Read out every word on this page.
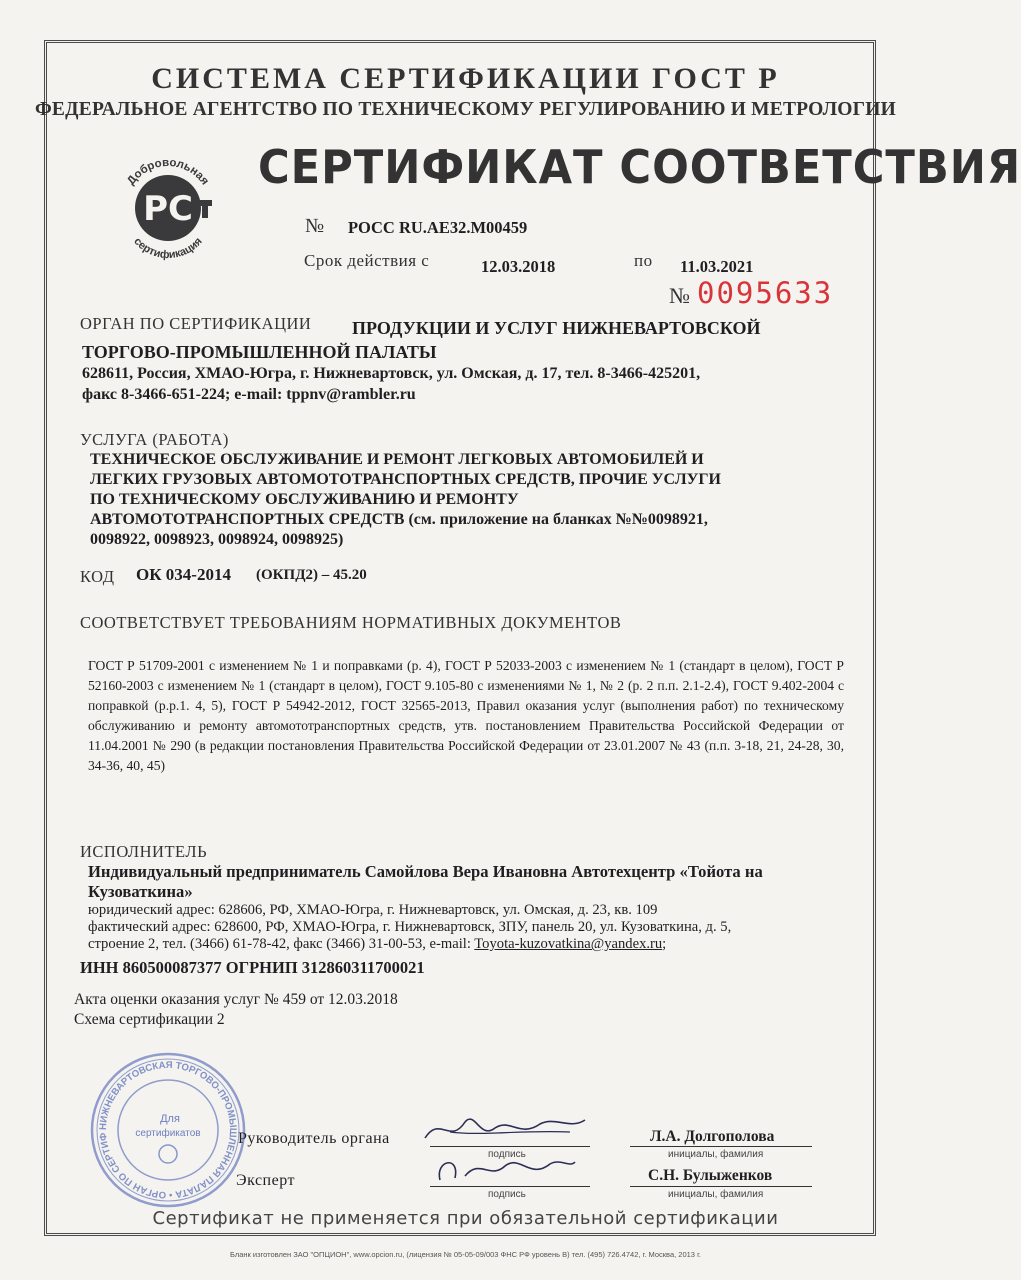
СИСТЕМА СЕРТИФИКАЦИИ ГОСТ Р
ФЕДЕРАЛЬНОЕ АГЕНТСТВО ПО ТЕХНИЧЕСКОМУ РЕГУЛИРОВАНИЮ И МЕТРОЛОГИИ
РС
Добровольная
сертификация
СЕРТИФИКАТ СООТВЕТСТВИЯ
№ РОСС RU.AE32.M00459
Срок действия с	12.03.2018	по 11.03.2021
№ 0095633
ОРГАН ПО СЕРТИФИКАЦИИ ПРОДУКЦИИ И УСЛУГ НИЖНЕВАРТОВСКОЙ
ТОРГОВО-ПРОМЫШЛЕННОЙ ПАЛАТЫ
628611, Россия, ХМАО-Югра, г. Нижневартовск, ул. Омская, д. 17, тел. 8-3466-425201,
факс 8-3466-651-224; e-mail: tppnv@rambler.ru
УСЛУГА (РАБОТА)
ТЕХНИЧЕСКОЕ ОБСЛУЖИВАНИЕ И РЕМОНТ ЛЕГКОВЫХ АВТОМОБИЛЕЙ И
ЛЕГКИХ ГРУЗОВЫХ АВТОМОТОТРАНСПОРТНЫХ СРЕДСТВ, ПРОЧИЕ УСЛУГИ
ПО ТЕХНИЧЕСКОМУ ОБСЛУЖИВАНИЮ И РЕМОНТУ
АВТОМОТОТРАНСПОРТНЫХ СРЕДСТВ (см. приложение на бланках №№0098921,
0098922, 0098923, 0098924, 0098925)
КОД ОК 034-2014 (ОКПД2) – 45.20
СООТВЕТСТВУЕТ ТРЕБОВАНИЯМ НОРМАТИВНЫХ ДОКУМЕНТОВ
ГОСТ Р 51709-2001 с изменением № 1 и поправками (р. 4), ГОСТ Р 52033-2003 с изменением № 1 (стандарт в целом), ГОСТ Р 52160-2003 с изменением № 1 (стандарт в целом), ГОСТ 9.105-80 с изменениями № 1, № 2 (р. 2 п.п. 2.1-2.4), ГОСТ 9.402-2004 с поправкой (р.р.1. 4, 5), ГОСТ Р 54942-2012, ГОСТ 32565-2013, Правил оказания услуг (выполнения работ) по техническому обслуживанию и ремонту автомототранспортных средств, утв. постановлением Правительства Российской Федерации от 11.04.2001 № 290 (в редакции постановления Правительства Российской Федерации от 23.01.2007 № 43 (п.п. 3-18, 21, 24-28, 30, 34-36, 40, 45)
ИСПОЛНИТЕЛЬ
Индивидуальный предприниматель Самойлова Вера Ивановна Автотехцентр «Тойота на
Кузоваткина»
юридический адрес: 628606, РФ, ХМАО-Югра, г. Нижневартовск, ул. Омская, д. 23, кв. 109
фактический адрес: 628600, РФ, ХМАО-Югра, г. Нижневартовск, ЗПУ, панель 20, ул. Кузоваткина, д. 5,
строение 2, тел. (3466) 61-78-42, факс (3466) 31-00-53, e-mail: Toyota-kuzovatkina@yandex.ru;
ИНН 860500087377 ОГРНИП 312860311700021
Акта оценки оказания услуг № 459 от 12.03.2018
Схема сертификации 2
НИЖНЕВАРТОВСКАЯ ТОРГОВО-ПРОМЫШЛЕННАЯ ПАЛАТА • ОРГАН ПО СЕРТИФ
Для
сертификатов Руководитель органа
подпись
Л.А. Долгополова
инициалы, фамилия
Эксперт
подпись
С.Н. Булыженков
инициалы, фамилия
Сертификат не применяется при обязательной сертификации
Бланк изготовлен ЗАО "ОПЦИОН", www.opcion.ru, (лицензия № 05-05-09/003 ФНС РФ уровень В) тел. (495) 726.4742, г. Москва, 2013 г.
